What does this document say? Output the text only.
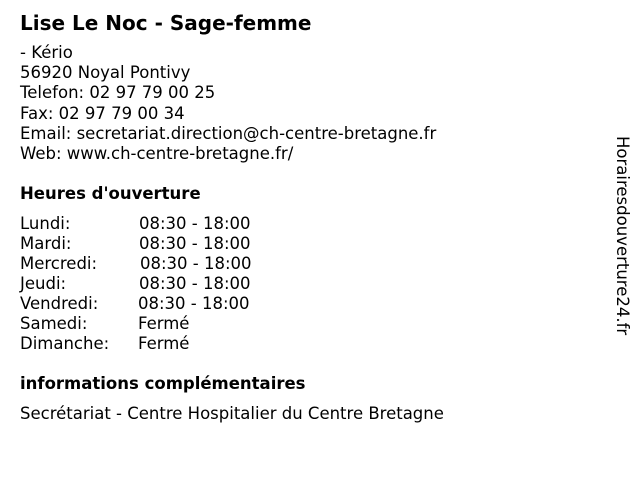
Lise Le Noc - Sage-femme
- Kério
56920 Noyal Pontivy
Telefon: 02 97 79 00 25
Fax: 02 97 79 00 34
Email: secretariat.direction@ch-centre-bretagne.fr
Web: www.ch-centre-bretagne.fr/
Heures d'ouverture
Lundi:	08:30 - 18:00
Mardi:	08:30 - 18:00
Mercredi:	08:30 - 18:00
Jeudi:	08:30 - 18:00
Vendredi: 08:30 - 18:00
Samedi:	Fermé
Dimanche: Fermé
informations complémentaires
Secrétariat - Centre Hospitalier du Centre Bretagne
Horairesdouverture24.fr
